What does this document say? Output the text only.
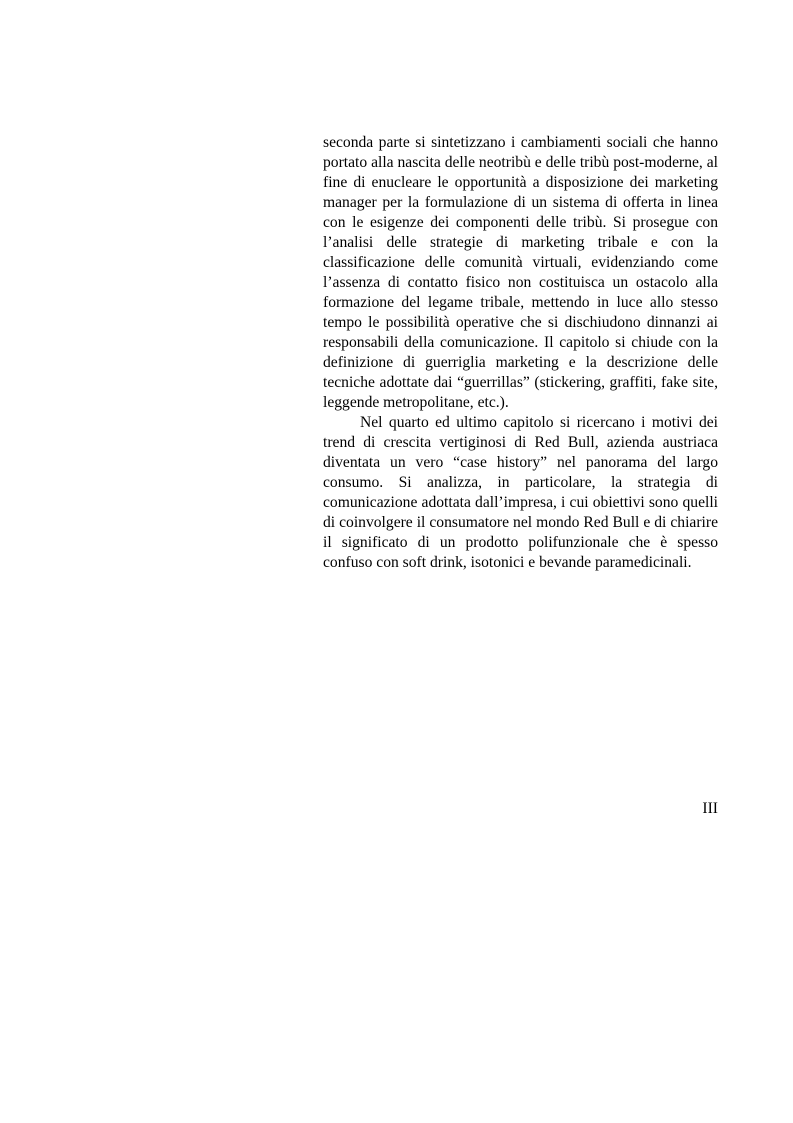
seconda parte si sintetizzano i cambiamenti sociali che hanno portato alla nascita delle neotribù e delle tribù post-moderne, al fine di enucleare le opportunità a disposizione dei marketing manager per la formulazione di un sistema di offerta in linea con le esigenze dei componenti delle tribù. Si prosegue con l’analisi delle strategie di marketing tribale e con la classificazione delle comunità virtuali, evidenziando come l’assenza di contatto fisico non costituisca un ostacolo alla formazione del legame tribale, mettendo in luce allo stesso tempo le possibilità operative che si dischiudono dinnanzi ai responsabili della comunicazione. Il capitolo si chiude con la definizione di guerriglia marketing e la descrizione delle tecniche adottate dai “guerrillas” (stickering, graffiti, fake site, leggende metropolitane, etc.).

Nel quarto ed ultimo capitolo si ricercano i motivi dei trend di crescita vertiginosi di Red Bull, azienda austriaca diventata un vero “case history” nel panorama del largo consumo. Si analizza, in particolare, la strategia di comunicazione adottata dall’impresa, i cui obiettivi sono quelli di coinvolgere il consumatore nel mondo Red Bull e di chiarire il significato di un prodotto polifunzionale che è spesso confuso con soft drink, isotonici e bevande paramedicinali.

III
